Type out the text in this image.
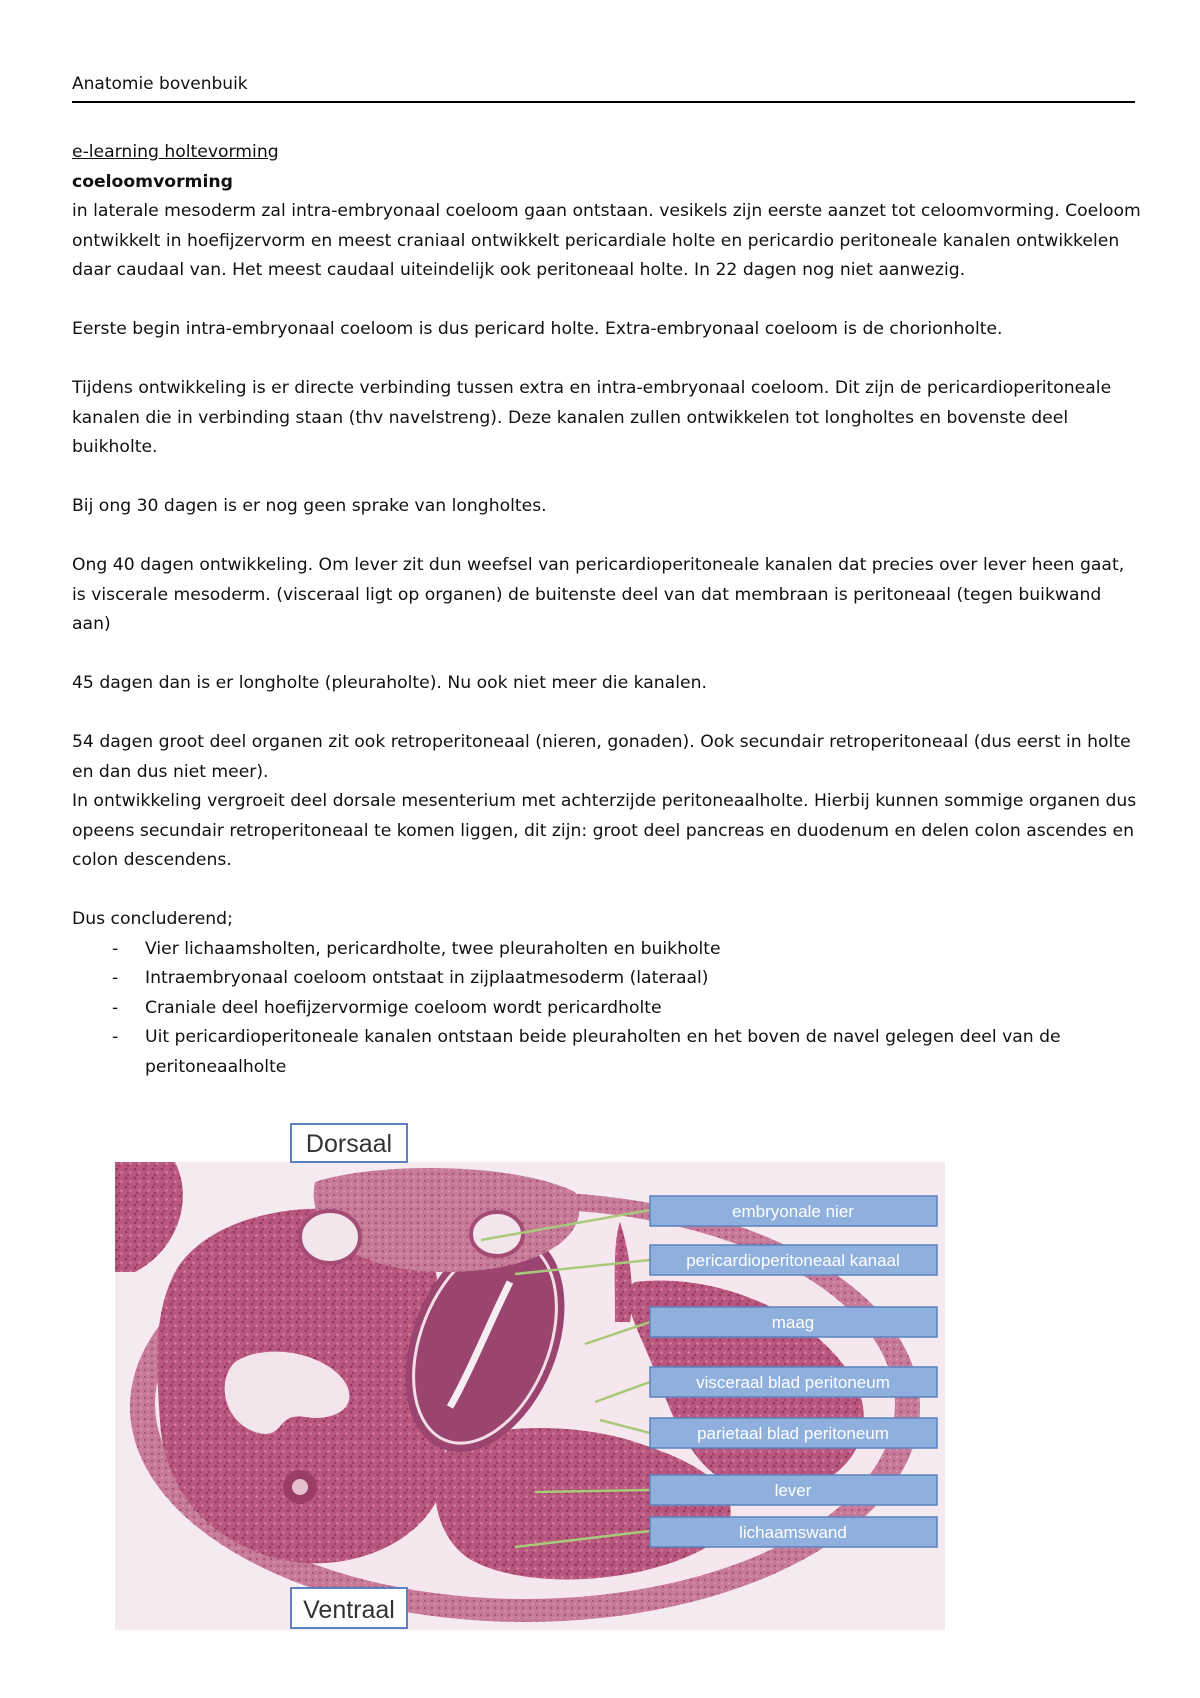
Anatomie bovenbuik
e-learning holtevorming
coeloomvorming

in laterale mesoderm zal intra-embryonaal coeloom gaan ontstaan. vesikels zijn eerste aanzet tot celoomvorming. Coeloom ontwikkelt in hoefijzervorm en meest craniaal ontwikkelt pericardiale holte en pericardio peritoneale kanalen ontwikkelen daar caudaal van. Het meest caudaal uiteindelijk ook peritoneaal holte. In 22 dagen nog niet aanwezig.

Eerste begin intra-embryonaal coeloom is dus pericard holte. Extra-embryonaal coeloom is de chorionholte.

Tijdens ontwikkeling is er directe verbinding tussen extra en intra-embryonaal coeloom. Dit zijn de pericardioperitoneale kanalen die in verbinding staan (thv navelstreng). Deze kanalen zullen ontwikkelen tot longholtes en bovenste deel buikholte.

Bij ong 30 dagen is er nog geen sprake van longholtes.

Ong 40 dagen ontwikkeling. Om lever zit dun weefsel van pericardioperitoneale kanalen dat precies over lever heen gaat, is viscerale mesoderm. (visceraal ligt op organen) de buitenste deel van dat membraan is peritoneaal (tegen buikwand aan)

45 dagen dan is er longholte (pleuraholte). Nu ook niet meer die kanalen.

54 dagen groot deel organen zit ook retroperitoneaal (nieren, gonaden). Ook secundair retroperitoneaal (dus eerst in holte en dan dus niet meer).

In ontwikkeling vergroeit deel dorsale mesenterium met achterzijde peritoneaalholte. Hierbij kunnen sommige organen dus opeens secundair retroperitoneaal te komen liggen, dit zijn: groot deel pancreas en duodenum en delen colon ascendes en colon descendens.

Dus concluderend;
- Vier lichaamsholten, pericardholte, twee pleuraholten en buikholte
- Intraembryonaal coeloom ontstaat in zijplaatmesoderm (lateraal)
- Craniale deel hoefijzervormige coeloom wordt pericardholte
- Uit pericardioperitoneale kanalen ontstaan beide pleuraholten en het boven de navel gelegen deel van de peritoneaalholte
Dorsaal
Ventraal
embryonale nier
pericardioperitoneaal kanaal
maag
visceraal blad peritoneum
parietaal blad peritoneum
lever
lichaamswand
